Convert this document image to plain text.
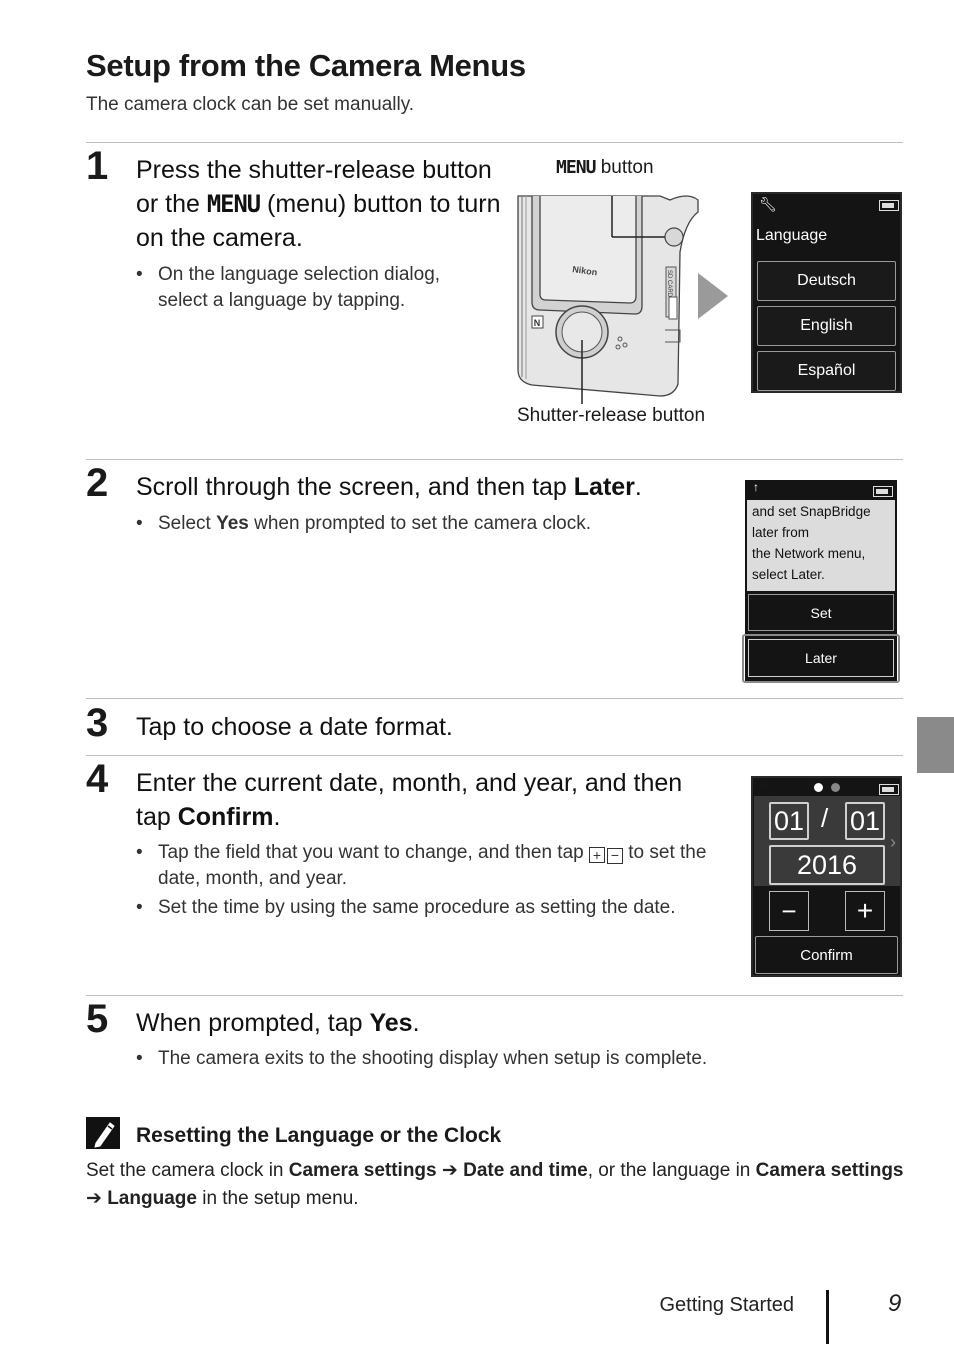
Setup from the Camera Menus
The camera clock can be set manually.
1 Press the shutter-release button or the MENU (menu) button to turn on the camera.
• On the language selection dialog, select a language by tapping.
MENU button
N
Nikon	SD CARD
Shutter-release button
🔧︎
Language
Deutsch
English
Español
2 Scroll through the screen, and then tap Later.
• Select Yes when prompted to set the camera clock.
↑
and set SnapBridge
later from
the Network menu,
select Later.
Set
Later
3 Tap to choose a date format.
4 Enter the current date, month, and year, and then tap Confirm.
• Tap the field that you want to change, and then tap + − to set the date, month, and year.
• Set the time by using the same procedure as setting the date.
🔧︎
01 / 01
2016
›
−	+
Confirm
5 When prompted, tap Yes.
• The camera exits to the shooting display when setup is complete.
Resetting the Language or the Clock
Set the camera clock in Camera settings ➔ Date and time, or the language in Camera settings ➔ Language in the setup menu.
Getting Started	9
